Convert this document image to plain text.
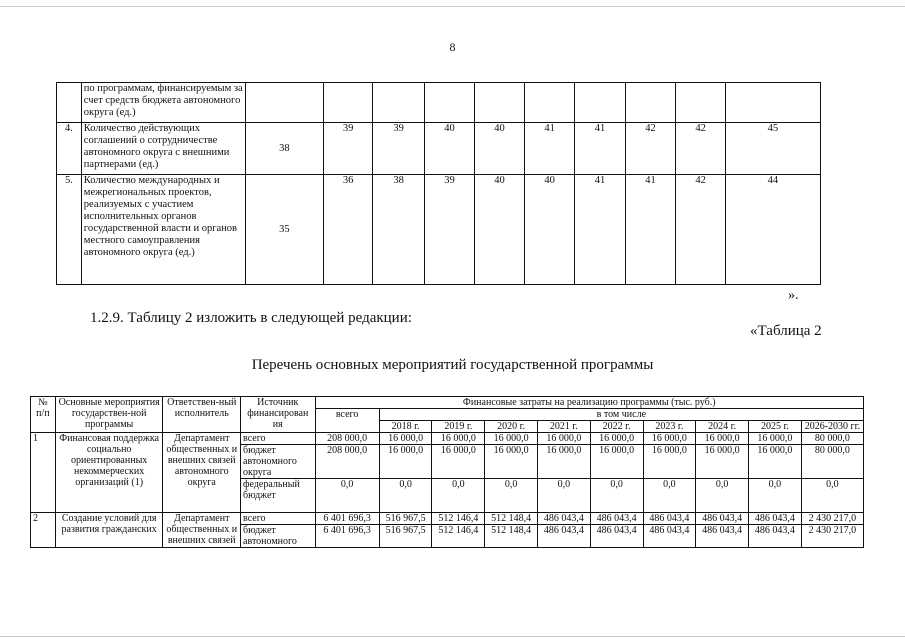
8
	по программам, финансируемым за счет средств бюджета автономного округа (ед.)										
4.	Количество действующих соглашений о сотрудничестве автономного округа с внешними партнерами (ед.)	38	39	39	40	40	41	41	42	42	45
5.	Количество международных и межрегиональных проектов, реализуемых с участием исполнительных органов государственной власти и органов местного самоуправления автономного округа (ед.)	35	36	38	39	40	40	41	41	42	44
».
1.2.9. Таблицу 2 изложить в следующей редакции:
«Таблица 2
Перечень основных мероприятий государственной программы
№ п/п	Основные мероприятия государствен-ной программы	Ответствен-ный исполнитель	Источник финансирован ия	Финансовые затраты на реализацию программы (тыс. руб.)									
				всего	в том числе								
					2018 г.	2019 г.	2020 г.	2021 г.	2022 г.	2023 г.	2024 г.	2025 г.	2026-2030 гг.
1	Финансовая поддержка социально ориентированных некоммерческих организаций (1)	Департамент общественных и внешних связей автономного округа	всего	208 000,0	16 000,0	16 000,0	16 000,0	16 000,0	16 000,0	16 000,0	16 000,0	16 000,0	80 000,0
			бюджет автономного округа	208 000,0	16 000,0	16 000,0	16 000,0	16 000,0	16 000,0	16 000,0	16 000,0	16 000,0	80 000,0
			федеральный бюджет	0,0	0,0	0,0	0,0	0,0	0,0	0,0	0,0	0,0	0,0
2	Создание условий для развития гражданских	Департамент общественных и внешних связей	всего	6 401 696,3	516 967,5	512 146,4	512 148,4	486 043,4	486 043,4	486 043,4	486 043,4	486 043,4	2 430 217,0
			бюджет автономного	6 401 696,3	516 967,5	512 146,4	512 148,4	486 043,4	486 043,4	486 043,4	486 043,4	486 043,4	2 430 217,0
